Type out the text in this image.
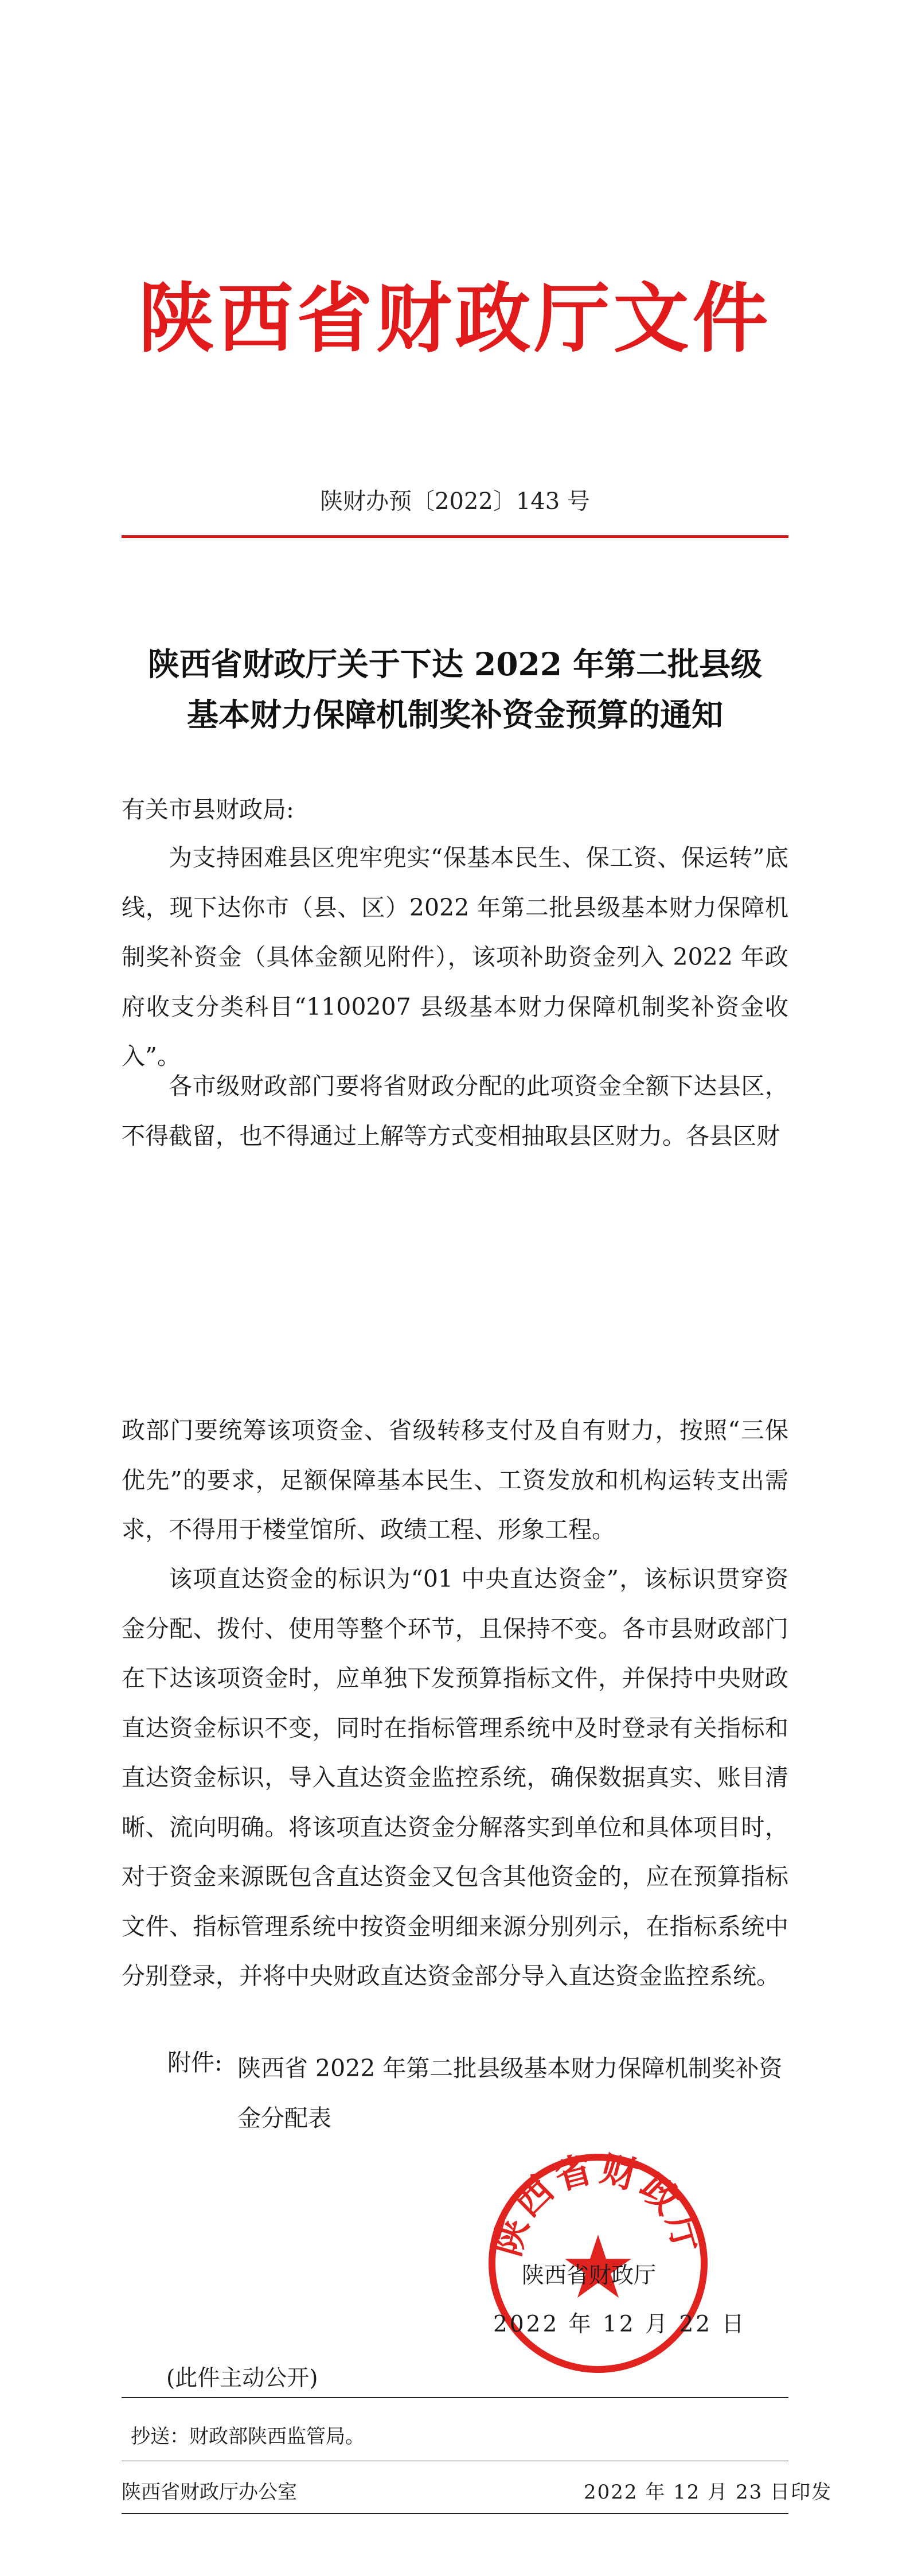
陕西省财政厅文件
陕财办预〔2022〕143 号
陕西省财政厅关于下达 2022 年第二批县级
基本财力保障机制奖补资金预算的通知
有关市县财政局:
为支持困难县区兜牢兜实“保基本民生、保工资、保运转”底线，现下达你市（县、区）2022 年第二批县级基本财力保障机制奖补资金（具体金额见附件），该项补助资金列入 2022 年政府收支分类科目“1100207 县级基本财力保障机制奖补资金收入”。
各市级财政部门要将省财政分配的此项资金全额下达县区，不得截留，也不得通过上解等方式变相抽取县区财力。各县区财
政部门要统筹该项资金、省级转移支付及自有财力，按照“三保优先”的要求，足额保障基本民生、工资发放和机构运转支出需求，不得用于楼堂馆所、政绩工程、形象工程。
该项直达资金的标识为“01 中央直达资金”，该标识贯穿资金分配、拨付、使用等整个环节，且保持不变。各市县财政部门在下达该项资金时，应单独下发预算指标文件，并保持中央财政直达资金标识不变，同时在指标管理系统中及时登录有关指标和直达资金标识，导入直达资金监控系统，确保数据真实、账目清晰、流向明确。将该项直达资金分解落实到单位和具体项目时，对于资金来源既包含直达资金又包含其他资金的，应在预算指标文件、指标管理系统中按资金明细来源分别列示，在指标系统中分别登录，并将中央财政直达资金部分导入直达资金监控系统。
附件: 陕西省 2022 年第二批县级基本财力保障机制奖补资金分配表
陕西省财政厅
陕西省财政厅
2022 年 12 月 22 日
(此件主动公开)
抄送：财政部陕西监管局。
陕西省财政厅办公室	2022 年 12 月 23 日印发
